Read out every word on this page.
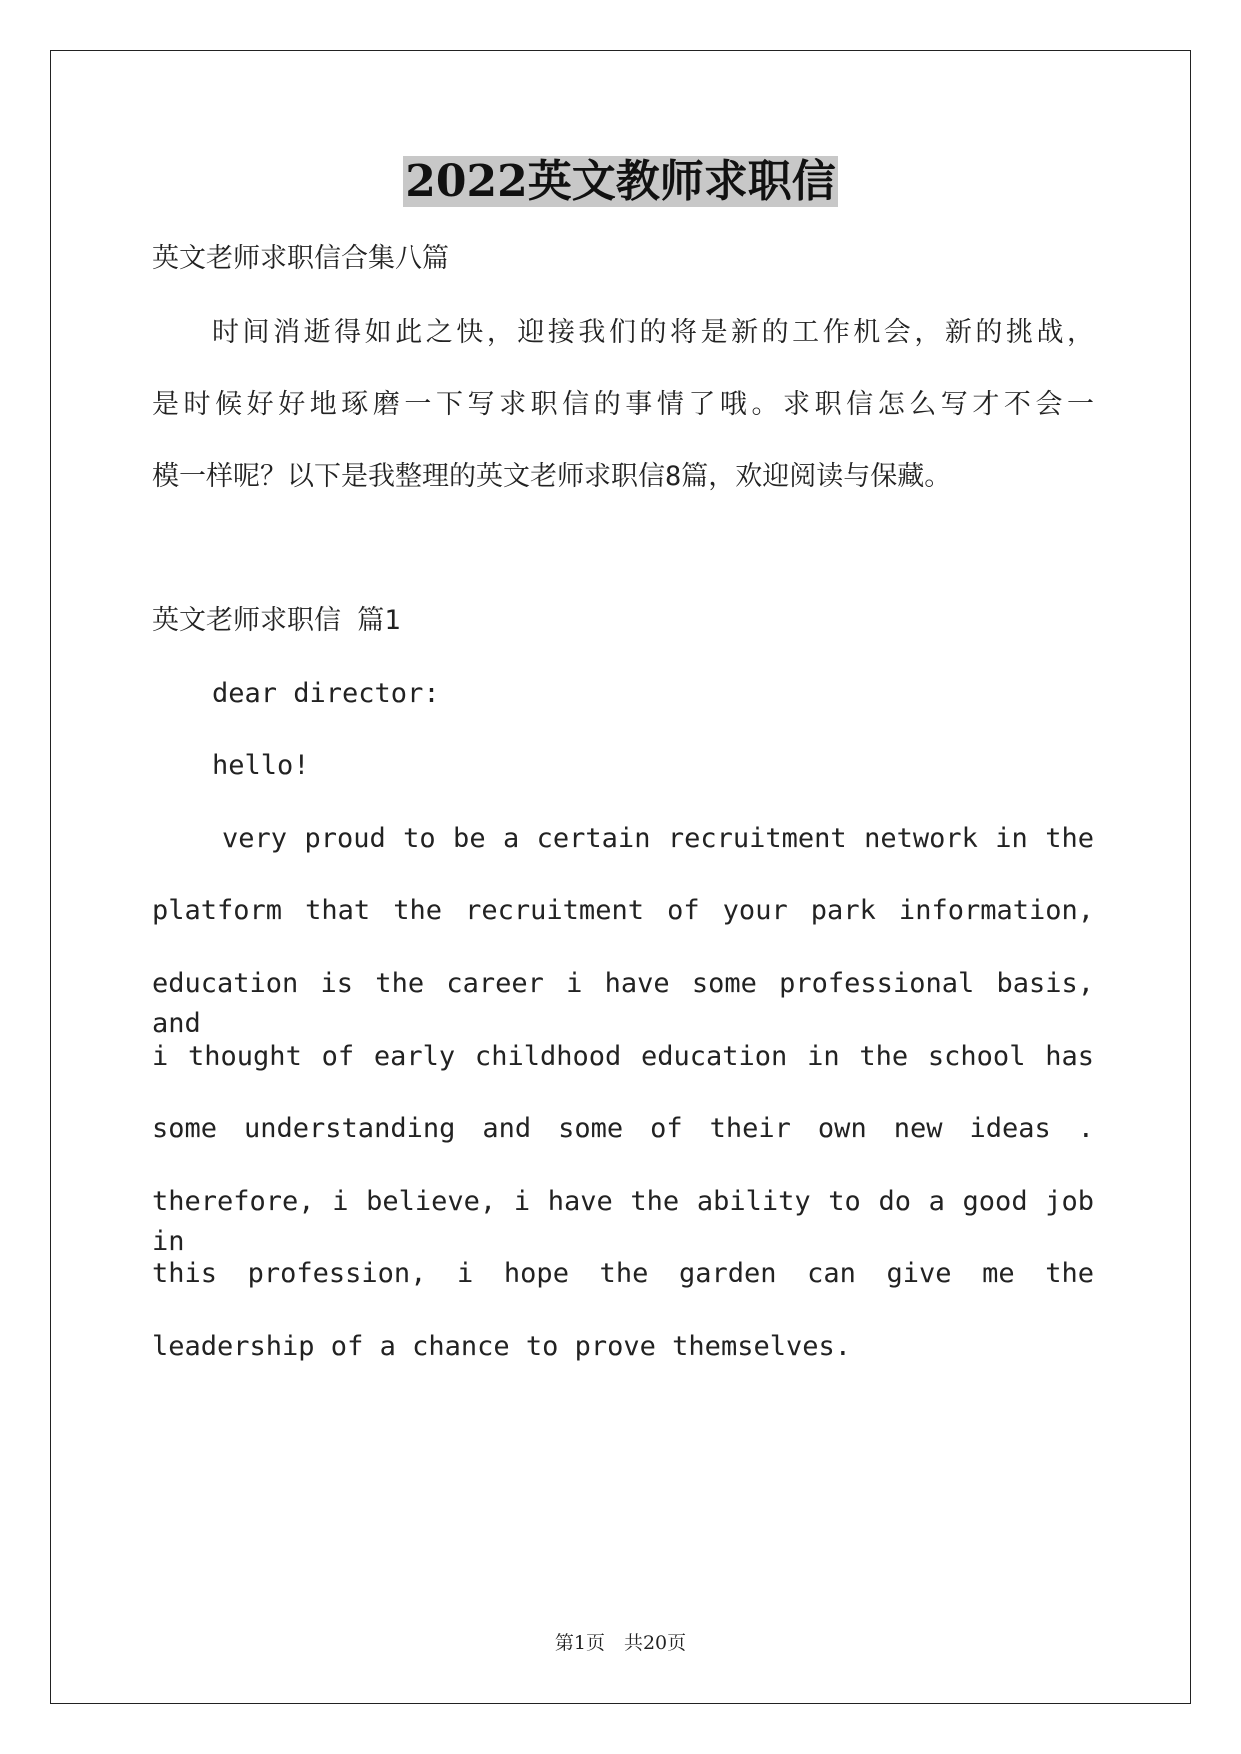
2022英文教师求职信
英文老师求职信合集八篇
时间消逝得如此之快，迎接我们的将是新的工作机会，新的挑战，
是时候好好地琢磨一下写求职信的事情了哦。求职信怎么写才不会一
模一样呢？以下是我整理的英文老师求职信8篇，欢迎阅读与保藏。
英文老师求职信 篇1
dear director:
hello!
very proud to be a certain recruitment network in the
platform that the recruitment of your park information,
education is the career i have some professional basis, and
i thought of early childhood education in the school has
some understanding and some of their own new ideas .
therefore, i believe, i have the ability to do a good job in
this profession, i hope the garden can give me the
leadership of a chance to prove themselves.
第1页　共20页
